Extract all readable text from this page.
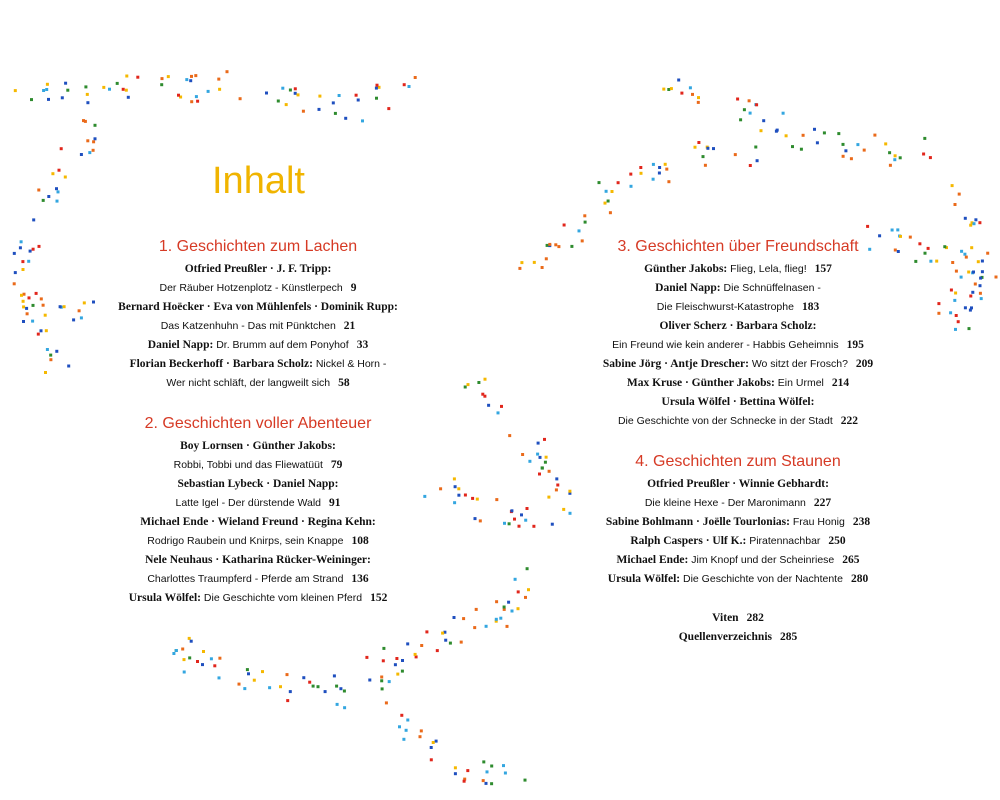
Inhalt
1. Geschichten zum Lachen
Otfried Preußler · J. F. Tripp:
Der Räuber Hotzenplotz - Künstlerpech 9
Bernard Hoëcker · Eva von Mühlenfels · Dominik Rupp:
Das Katzenhuhn - Das mit Pünktchen 21
Daniel Napp: Dr. Brumm auf dem Ponyhof 33
Florian Beckerhoff · Barbara Scholz: Nickel & Horn -
Wer nicht schläft, der langweilt sich 58
2. Geschichten voller Abenteuer
Boy Lornsen · Günther Jakobs:
Robbi, Tobbi und das Fliewatüüt 79
Sebastian Lybeck · Daniel Napp:
Latte Igel - Der dürstende Wald 91
Michael Ende · Wieland Freund · Regina Kehn:
Rodrigo Raubein und Knirps, sein Knappe 108
Nele Neuhaus · Katharina Rücker-Weininger:
Charlottes Traumpferd - Pferde am Strand 136
Ursula Wölfel: Die Geschichte vom kleinen Pferd 152
3. Geschichten über Freundschaft
Günther Jakobs: Flieg, Lela, flieg! 157
Daniel Napp: Die Schnüffelnasen -
Die Fleischwurst-Katastrophe 183
Oliver Scherz · Barbara Scholz:
Ein Freund wie kein anderer - Habbis Geheimnis 195
Sabine Jörg · Antje Drescher: Wo sitzt der Frosch? 209
Max Kruse · Günther Jakobs: Ein Urmel 214
Ursula Wölfel · Bettina Wölfel:
Die Geschichte von der Schnecke in der Stadt 222
4. Geschichten zum Staunen
Otfried Preußler · Winnie Gebhardt:
Die kleine Hexe - Der Maronimann 227
Sabine Bohlmann · Joëlle Tourlonias: Frau Honig 238
Ralph Caspers · Ulf K.: Piratennachbar 250
Michael Ende: Jim Knopf und der Scheinriese 265
Ursula Wölfel: Die Geschichte von der Nachtente 280
Viten 282
Quellenverzeichnis 285
